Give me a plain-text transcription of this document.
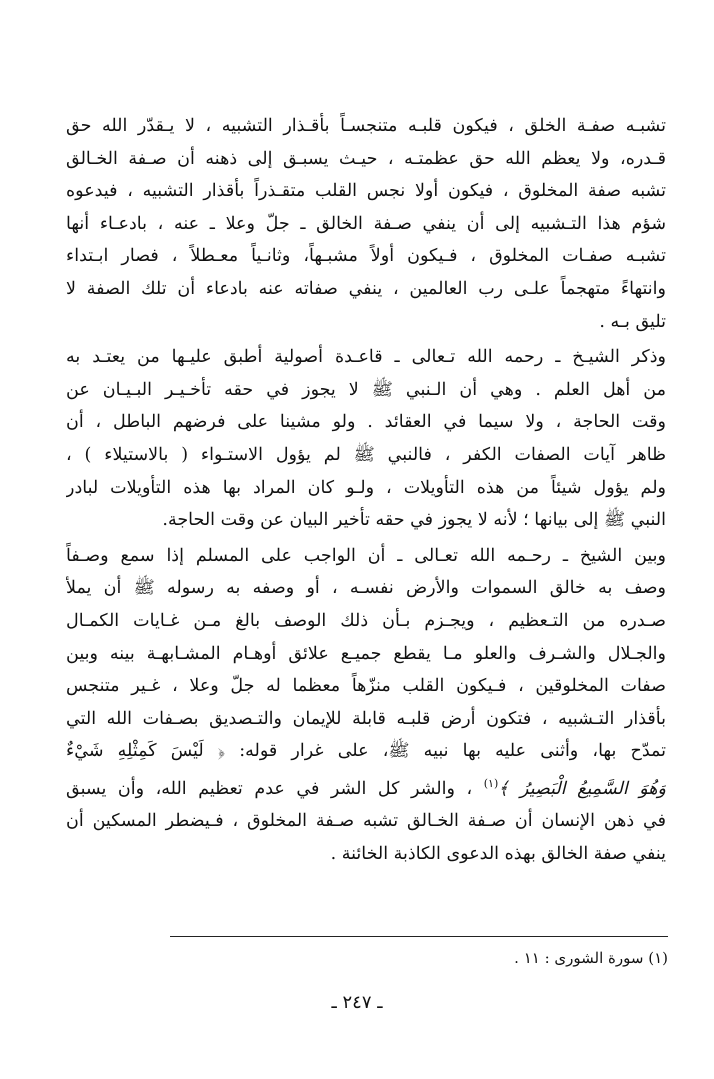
تشبـه صفـة الخلق ، فيكون قلبـه متنجسـاً بأقـذار التشبيه ، لا يـقدّر الله حق
قـدره، ولا يعظم الله حق عظمتـه ، حيـث يسبـق إلى ذهنه أن صـفة الخـالق
تشبه صفة المخلوق ، فيكون أولا نجس القلب متقـذراً بأقذار التشبيه ، فيدعوه
شؤم هذا التـشبيه إلى أن ينفي صـفة الخالق ـ جلّ وعلا ـ عنه ، بادعـاء أنها
تشبـه صفـات المخلوق ، فـيكون أولاً مشبـهاً، وثانـياً معـطلاً ، فصار ابـتداء
وانتهاءً متهجماً علـى رب العالمين ، ينفي صفاته عنه بادعاء أن تلك الصفة لا
تليق بـه .

وذكر الشيـخ ـ رحمه الله تـعالى ـ قاعـدة أصولية أطبق عليـها من يعتـد به
من أهل العلم . وهي أن الـنبي ﷺ لا يجوز في حقه تأخـيـر البـيـان عن
وقت الحاجة ، ولا سيما في العقائد . ولو مشينا على فرضهم الباطل ، أن
ظاهر آيات الصفات الكفر ، فالنبي ﷺ لم يؤول الاستـواء ( بالاستيلاء ) ،
ولم يؤول شيئاً من هذه التأويلات ، ولـو كان المراد بها هذه التأويلات لبادر
النبي ﷺ إلى بيانها ؛ لأنه لا يجوز في حقه تأخير البيان عن وقت الحاجة.

وبين الشيخ ـ رحـمه الله تعـالى ـ أن الواجب على المسلم إذا سمع وصـفاً
وصف به خالق السموات والأرض نفسـه ، أو وصفه به رسوله ﷺ أن يملأ
صـدره من التـعظيم ، ويجـزم بـأن ذلك الوصف بالغ مـن غـايات الكمـال
والجـلال والشـرف والعلو مـا يقطع جميـع علائق أوهـام المشـابهـة بينه وبين
صفات المخلوقين ، فـيكون القلب منزّهاً معظما له جلّ وعلا ، غـير متنجس
بأقذار التـشبيه ، فتكون أرض قلبـه قابلة للإيمان والتـصديق بصـفات الله التي
تمدّح بها، وأثنى عليه بها نبيه ﷺ، على غرار قوله: ﴿ لَيْسَ كَمِثْلِهِ شَيْءٌ
وَهُوَ السَّمِيعُ الْبَصِيرُ ﴾$^{(١)}$ ، والشر كل الشر في عدم تعظيم الله، وأن يسبق
في ذهن الإنسان أن صـفة الخـالق تشبه صـفة المخلوق ، فـيضطر المسكين أن
ينفي صفة الخالق بهذه الدعوى الكاذبة الخائنة .

(١) سورة الشورى : ١١ .
ـ ٢٤٧ ـ
